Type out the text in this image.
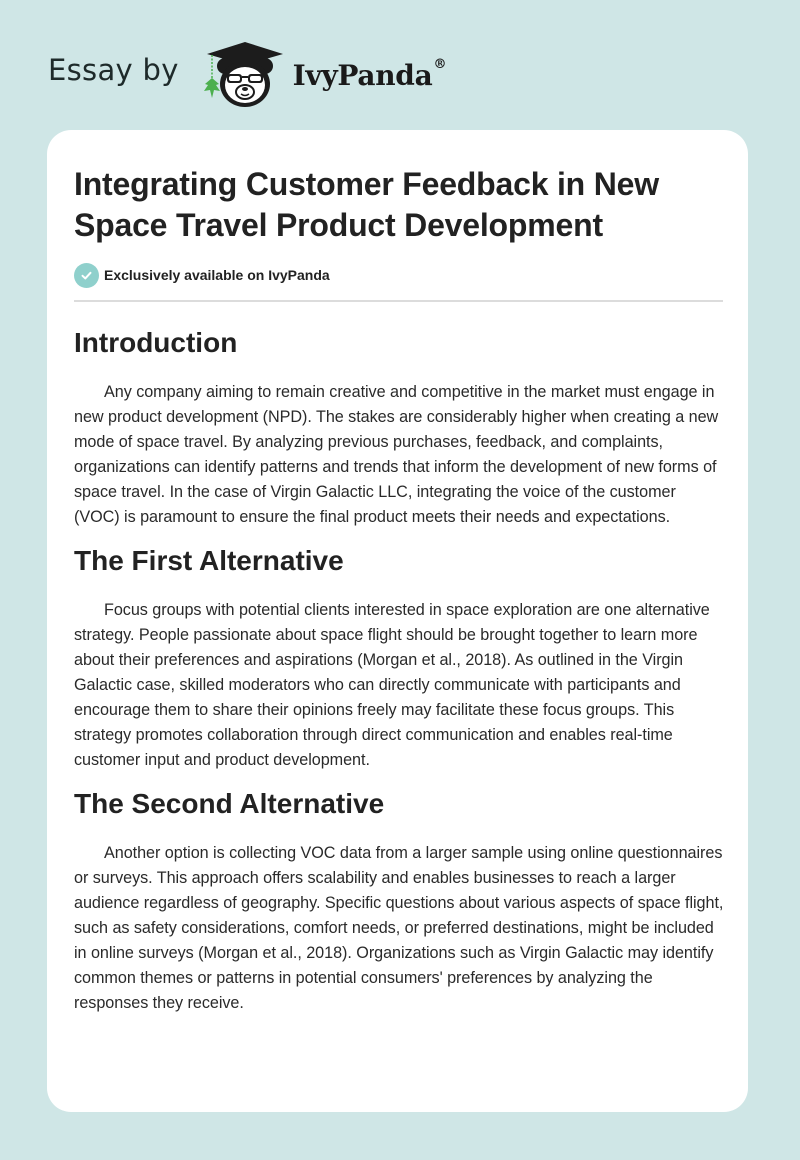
Essay by	IvyPanda®
Integrating Customer Feedback in New Space Travel Product Development
Exclusively available on IvyPanda
Introduction

Any company aiming to remain creative and competitive in the market must engage in new product development (NPD). The stakes are considerably higher when creating a new mode of space travel. By analyzing previous purchases, feedback, and complaints, organizations can identify patterns and trends that inform the development of new forms of space travel. In the case of Virgin Galactic LLC, integrating the voice of the customer (VOC) is paramount to ensure the final product meets their needs and expectations.

The First Alternative

Focus groups with potential clients interested in space exploration are one alternative strategy. People passionate about space flight should be brought together to learn more about their preferences and aspirations (Morgan et al., 2018). As outlined in the Virgin Galactic case, skilled moderators who can directly communicate with participants and encourage them to share their opinions freely may facilitate these focus groups. This strategy promotes collaboration through direct communication and enables real-time customer input and product development.

The Second Alternative

Another option is collecting VOC data from a larger sample using online questionnaires or surveys. This approach offers scalability and enables businesses to reach a larger audience regardless of geography. Specific questions about various aspects of space flight, such as safety considerations, comfort needs, or preferred destinations, might be included in online surveys (Morgan et al., 2018). Organizations such as Virgin Galactic may identify common themes or patterns in potential consumers' preferences by analyzing the responses they receive.
